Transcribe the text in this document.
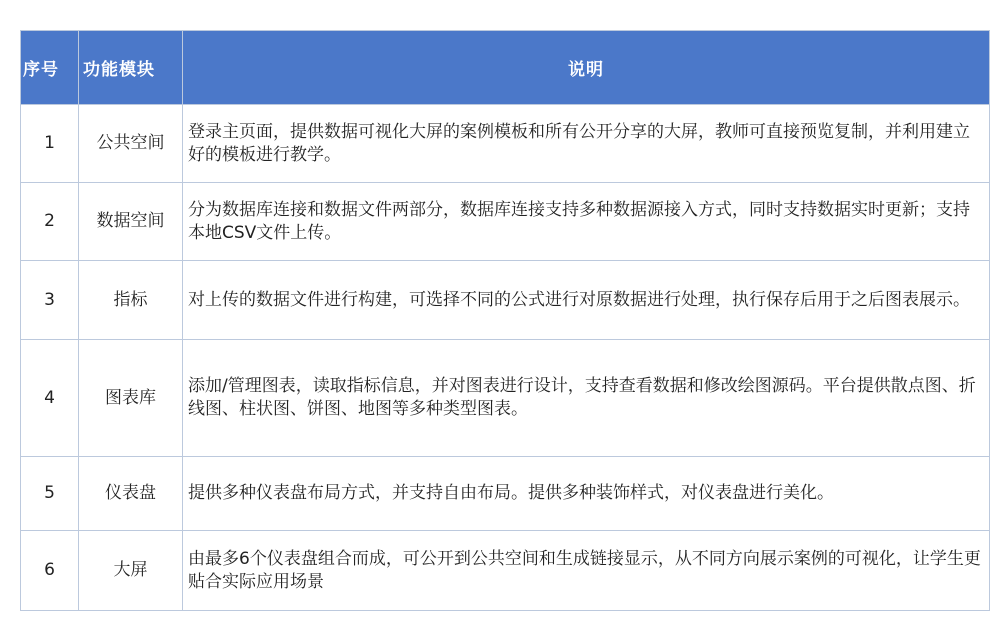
序号	功能模块	说明
1	公共空间	登录主页面，提供数据可视化大屏的案例模板和所有公开分享的大屏，教师可直接预览复制，并利用建立好的模板进行教学。
2	数据空间	分为数据库连接和数据文件两部分，数据库连接支持多种数据源接入方式，同时支持数据实时更新；支持本地CSV文件上传。
3	指标	对上传的数据文件进行构建，可选择不同的公式进行对原数据进行处理，执行保存后用于之后图表展示。
4	图表库	添加/管理图表，读取指标信息，并对图表进行设计，支持查看数据和修改绘图源码。平台提供散点图、折线图、柱状图、饼图、地图等多种类型图表。
5	仪表盘	提供多种仪表盘布局方式，并支持自由布局。提供多种装饰样式，对仪表盘进行美化。
6	大屏	由最多6个仪表盘组合而成，可公开到公共空间和生成链接显示，从不同方向展示案例的可视化，让学生更贴合实际应用场景
